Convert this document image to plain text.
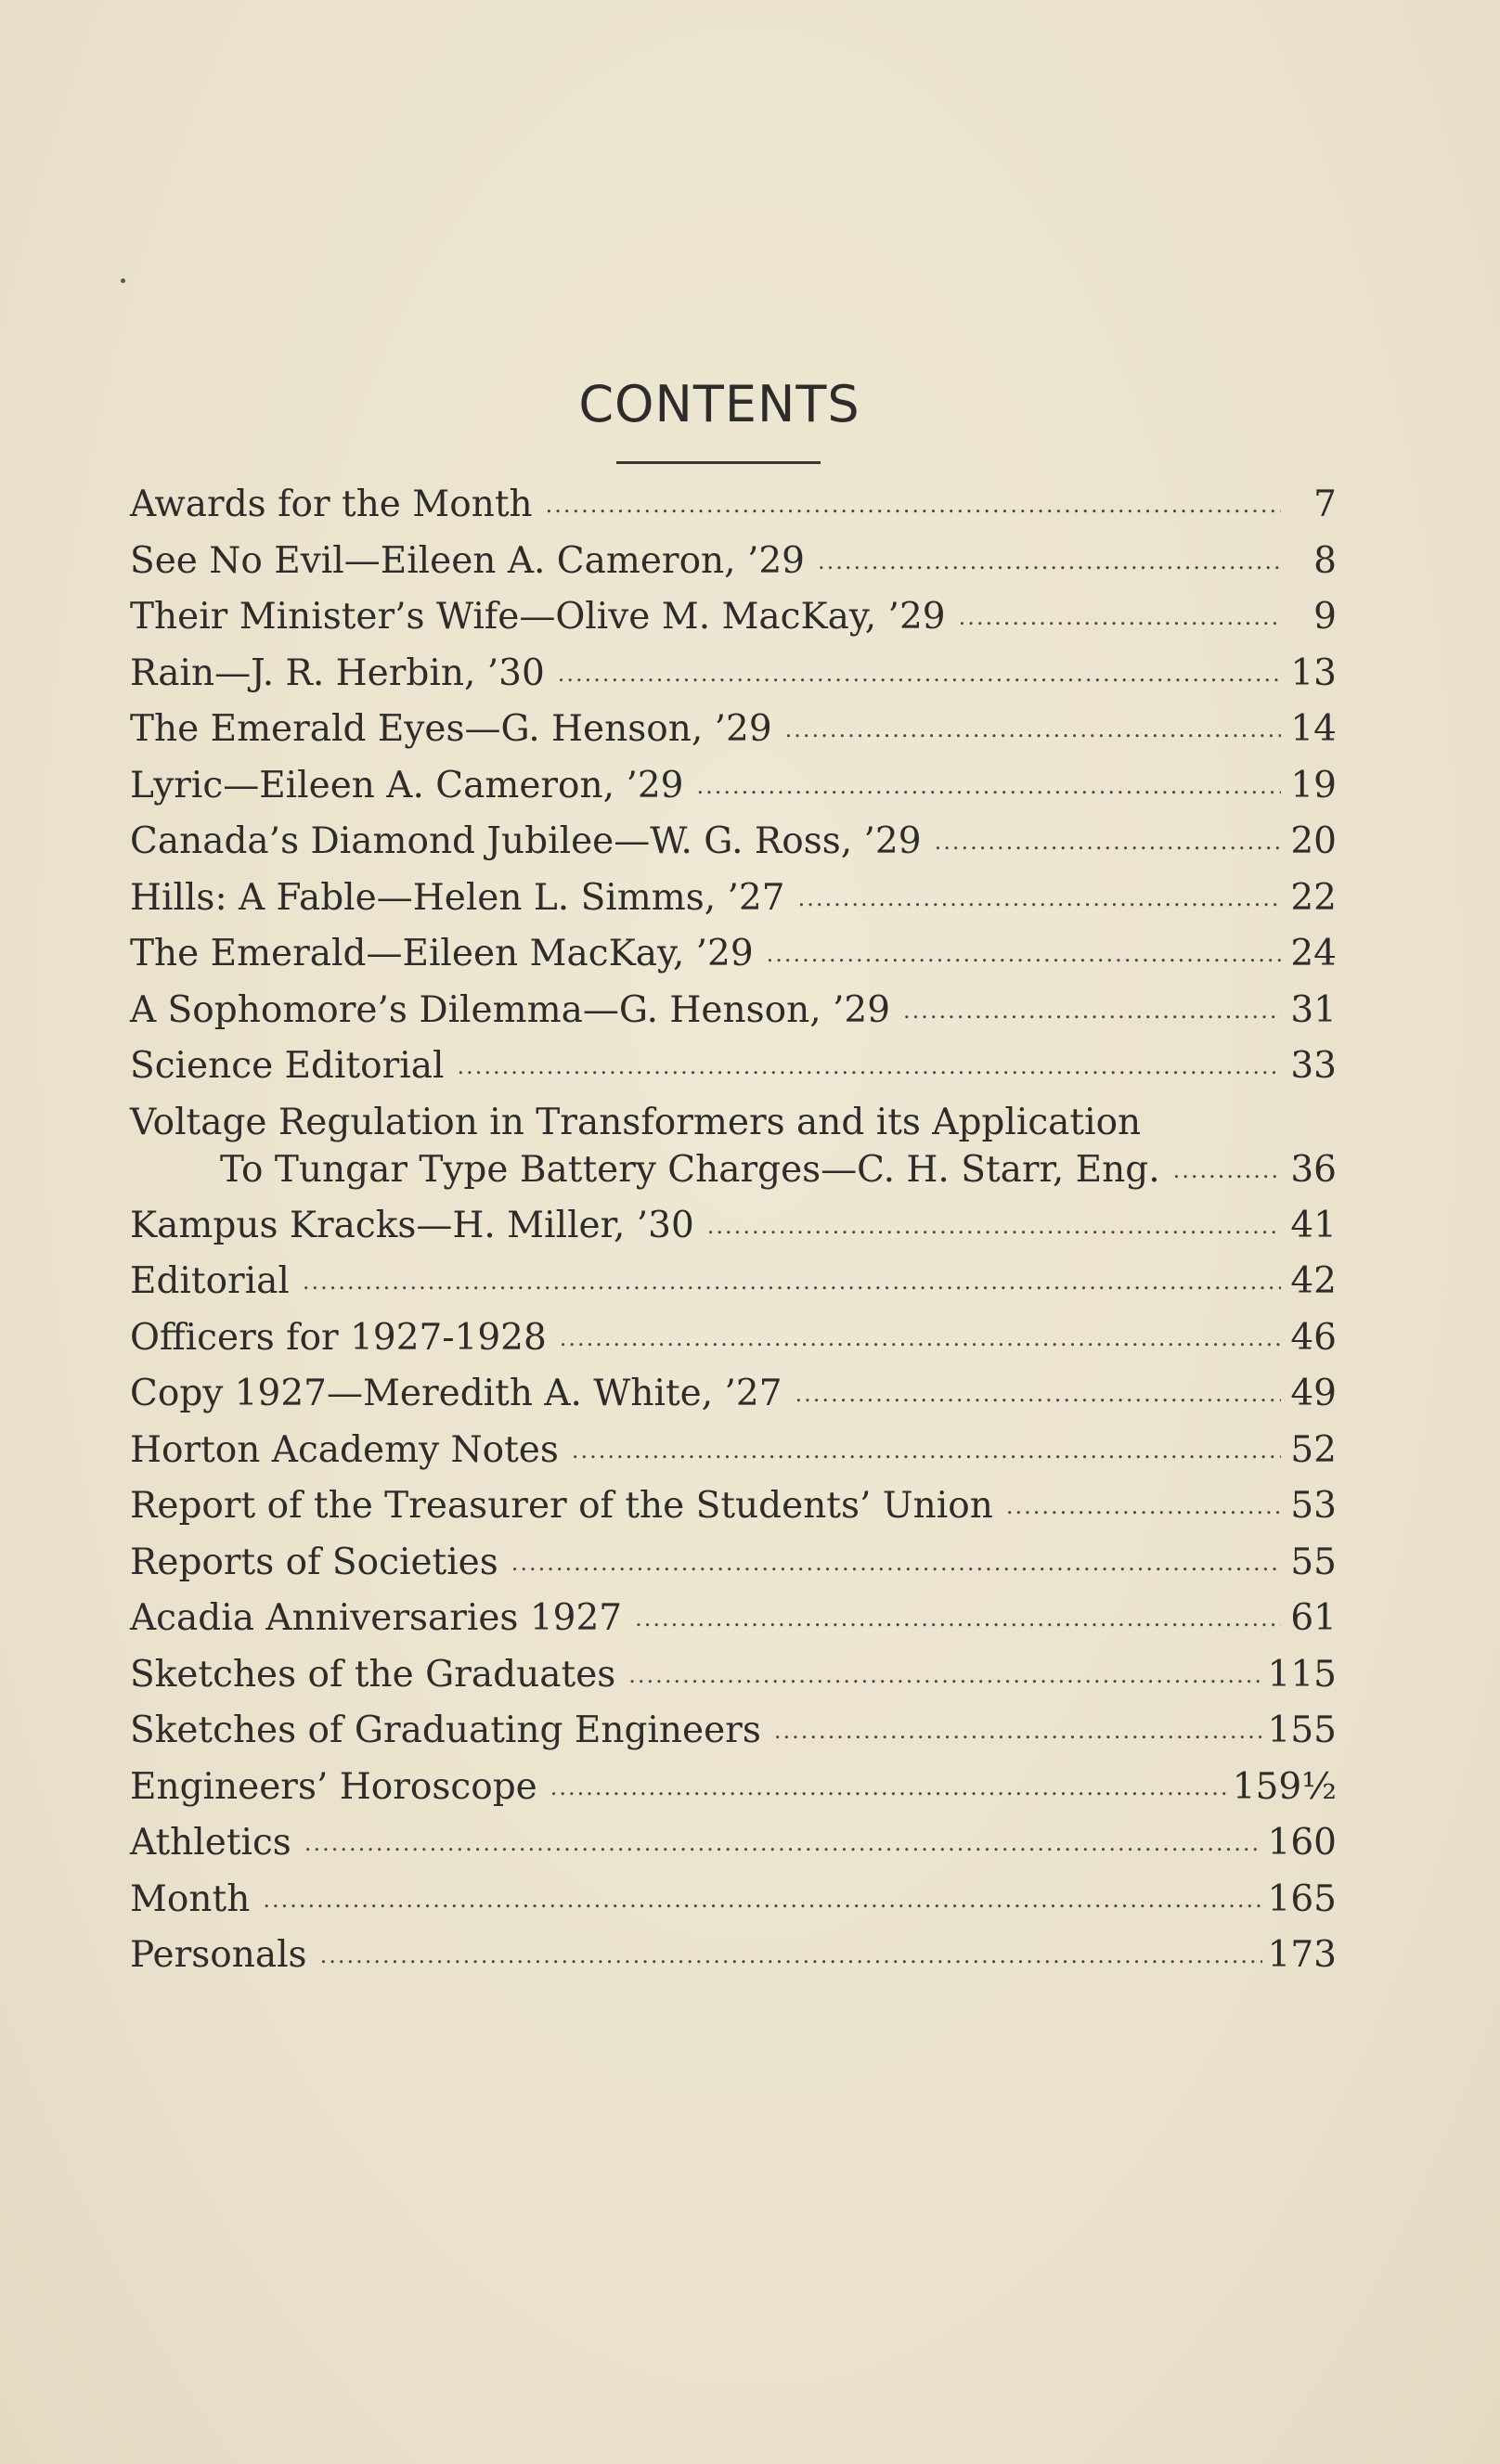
CONTENTS
Awards for the Month .....	7
See No Evil—Eileen A. Cameron, ’29 .....	8
Their Minister’s Wife—Olive M. MacKay, ’29 .....	9
Rain—J. R. Herbin, ’30 .....	13
The Emerald Eyes—G. Henson, ’29 .....	14
Lyric—Eileen A. Cameron, ’29 .....	19
Canada’s Diamond Jubilee—W. G. Ross, ’29 .....	20
Hills: A Fable—Helen L. Simms, ’27 .....	22
The Emerald—Eileen MacKay, ’29 .....	24
A Sophomore’s Dilemma—G. Henson, ’29 .....	31
Science Editorial .....	33
Voltage Regulation in Transformers and its Application
To Tungar Type Battery Charges—C. H. Starr, Eng. .....	36
Kampus Kracks—H. Miller, ’30 .....	41
Editorial .....	42
Officers for 1927-1928 .....	46
Copy 1927—Meredith A. White, ’27 .....	49
Horton Academy Notes .....	52
Report of the Treasurer of the Students’ Union .....	53
Reports of Societies .....	55
Acadia Anniversaries 1927 .....	61
Sketches of the Graduates .....	115
Sketches of Graduating Engineers .....	155
Engineers’ Horoscope .....	159½
Athletics .....	160
Month .....	165
Personals .....	173
